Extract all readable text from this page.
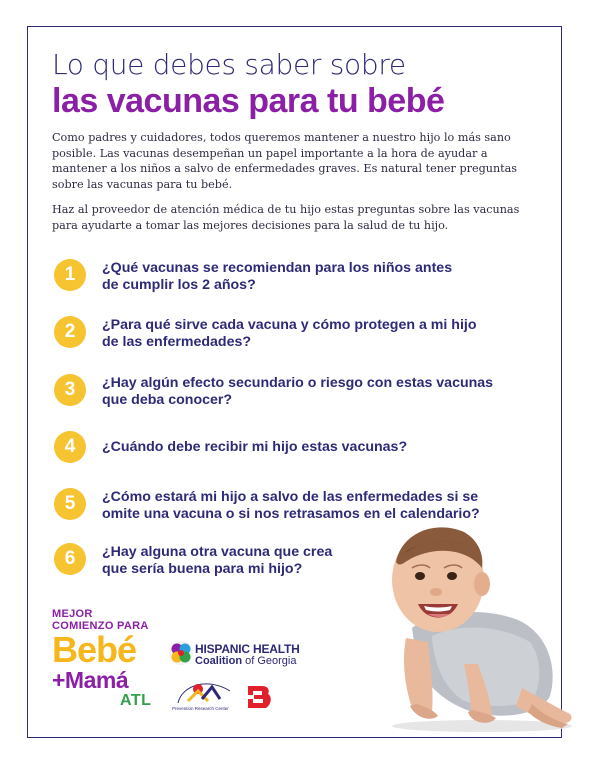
Lo que debes saber sobre
las vacunas para tu bebé
Como padres y cuidadores, todos queremos mantener a nuestro hijo lo más sano posible. Las vacunas desempeñan un papel importante a la hora de ayudar a mantener a los niños a salvo de enfermedades graves. Es natural tener preguntas sobre las vacunas para tu bebé.
Haz al proveedor de atención médica de tu hijo estas preguntas sobre las vacunas para ayudarte a tomar las mejores decisiones para la salud de tu hijo.
1	¿Qué vacunas se recomiendan para los niños antes
de cumplir los 2 años?
2	¿Para qué sirve cada vacuna y cómo protegen a mi hijo
de las enfermedades?
3	¿Hay algún efecto secundario o riesgo con estas vacunas
que deba conocer?
4	¿Cuándo debe recibir mi hijo estas vacunas?
5	¿Cómo estará mi hijo a salvo de las enfermedades si se
omite una vacuna o si nos retrasamos en el calendario?
6	¿Hay alguna otra vacuna que crea
que sería buena para mi hijo?
MEJOR
COMIENZO PARA
Bebé
+Mamá
ATL
HISPANIC HEALTH
Coalition of Georgia
Prevention Research Center
